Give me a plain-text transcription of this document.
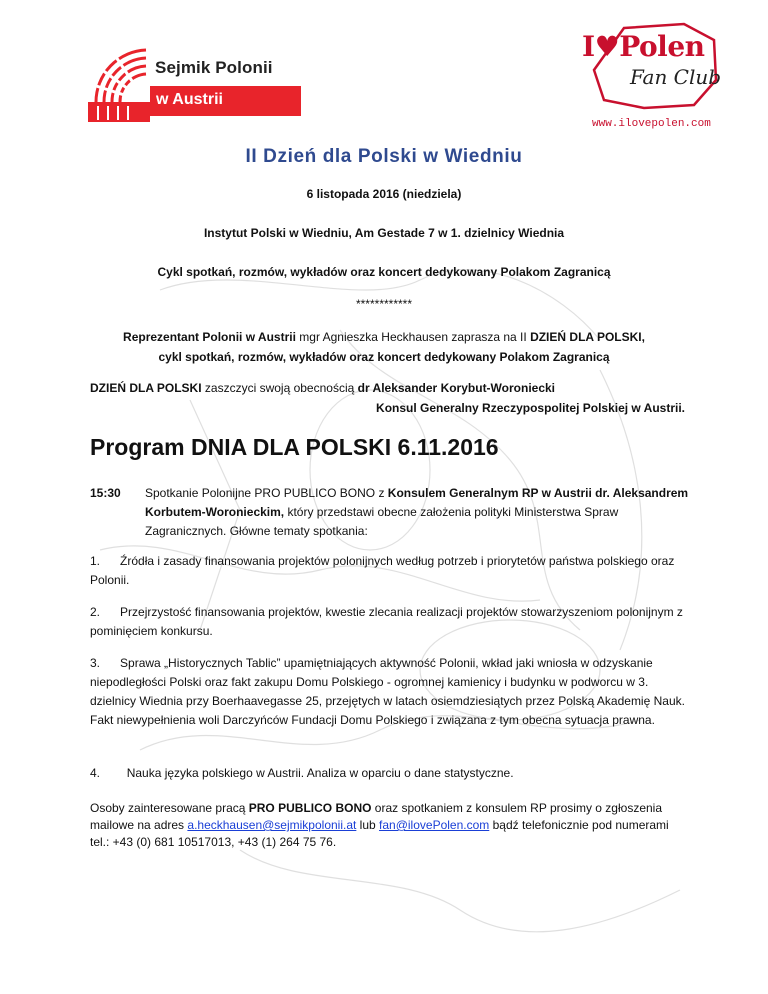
Sejmik Polonii
w Austrii
I♥Polen
Fan Club
www.ilovepolen.com
II Dzień dla Polski w Wiedniu
6 listopada 2016 (niedziela)
Instytut Polski w Wiedniu, Am Gestade 7 w 1. dzielnicy Wiednia
Cykl spotkań, rozmów, wykładów oraz koncert dedykowany Polakom Zagranicą
************
Reprezentant Polonii w Austrii mgr Agnieszka Heckhausen zaprasza na II DZIEŃ DLA POLSKI,
cykl spotkań, rozmów, wykładów oraz koncert dedykowany Polakom Zagranicą
DZIEŃ DLA POLSKI zaszczyci swoją obecnością dr Aleksander Korybut-Woroniecki
Konsul Generalny Rzeczypospolitej Polskiej w Austrii.
Program DNIA DLA POLSKI 6.11.2016
15:30 Spotkanie Polonijne PRO PUBLICO BONO z Konsulem Generalnym RP w Austrii dr. Aleksandrem Korbutem-Woronieckim, który przedstawi obecne założenia polityki Ministerstwa Spraw Zagranicznych. Główne tematy spotkania:
1. Źródła i zasady finansowania projektów polonijnych według potrzeb i priorytetów państwa polskiego oraz Polonii.
2. Przejrzystość finansowania projektów, kwestie zlecania realizacji projektów stowarzyszeniom polonijnym z pominięciem konkursu.
3. Sprawa „Historycznych Tablic” upamiętniających aktywność Polonii, wkład jaki wniosła w odzyskanie niepodległości Polski oraz fakt zakupu Domu Polskiego - ogromnej kamienicy i budynku w podworcu w 3. dzielnicy Wiednia przy Boerhaavegasse 25, przejętych w latach osiemdziesiątych przez Polską Akademię Nauk. Fakt niewypełnienia woli Darczyńców Fundacji Domu Polskiego i związana z tym obecna sytuacja prawna.
4. Nauka języka polskiego w Austrii. Analiza w oparciu o dane statystyczne.
Osoby zainteresowane pracą PRO PUBLICO BONO oraz spotkaniem z konsulem RP prosimy o zgłoszenia mailowe na adres a.heckhausen@sejmikpolonii.at lub fan@ilovePolen.com bądź telefonicznie pod numerami tel.: +43 (0) 681 10517013, +43 (1) 264 75 76.
